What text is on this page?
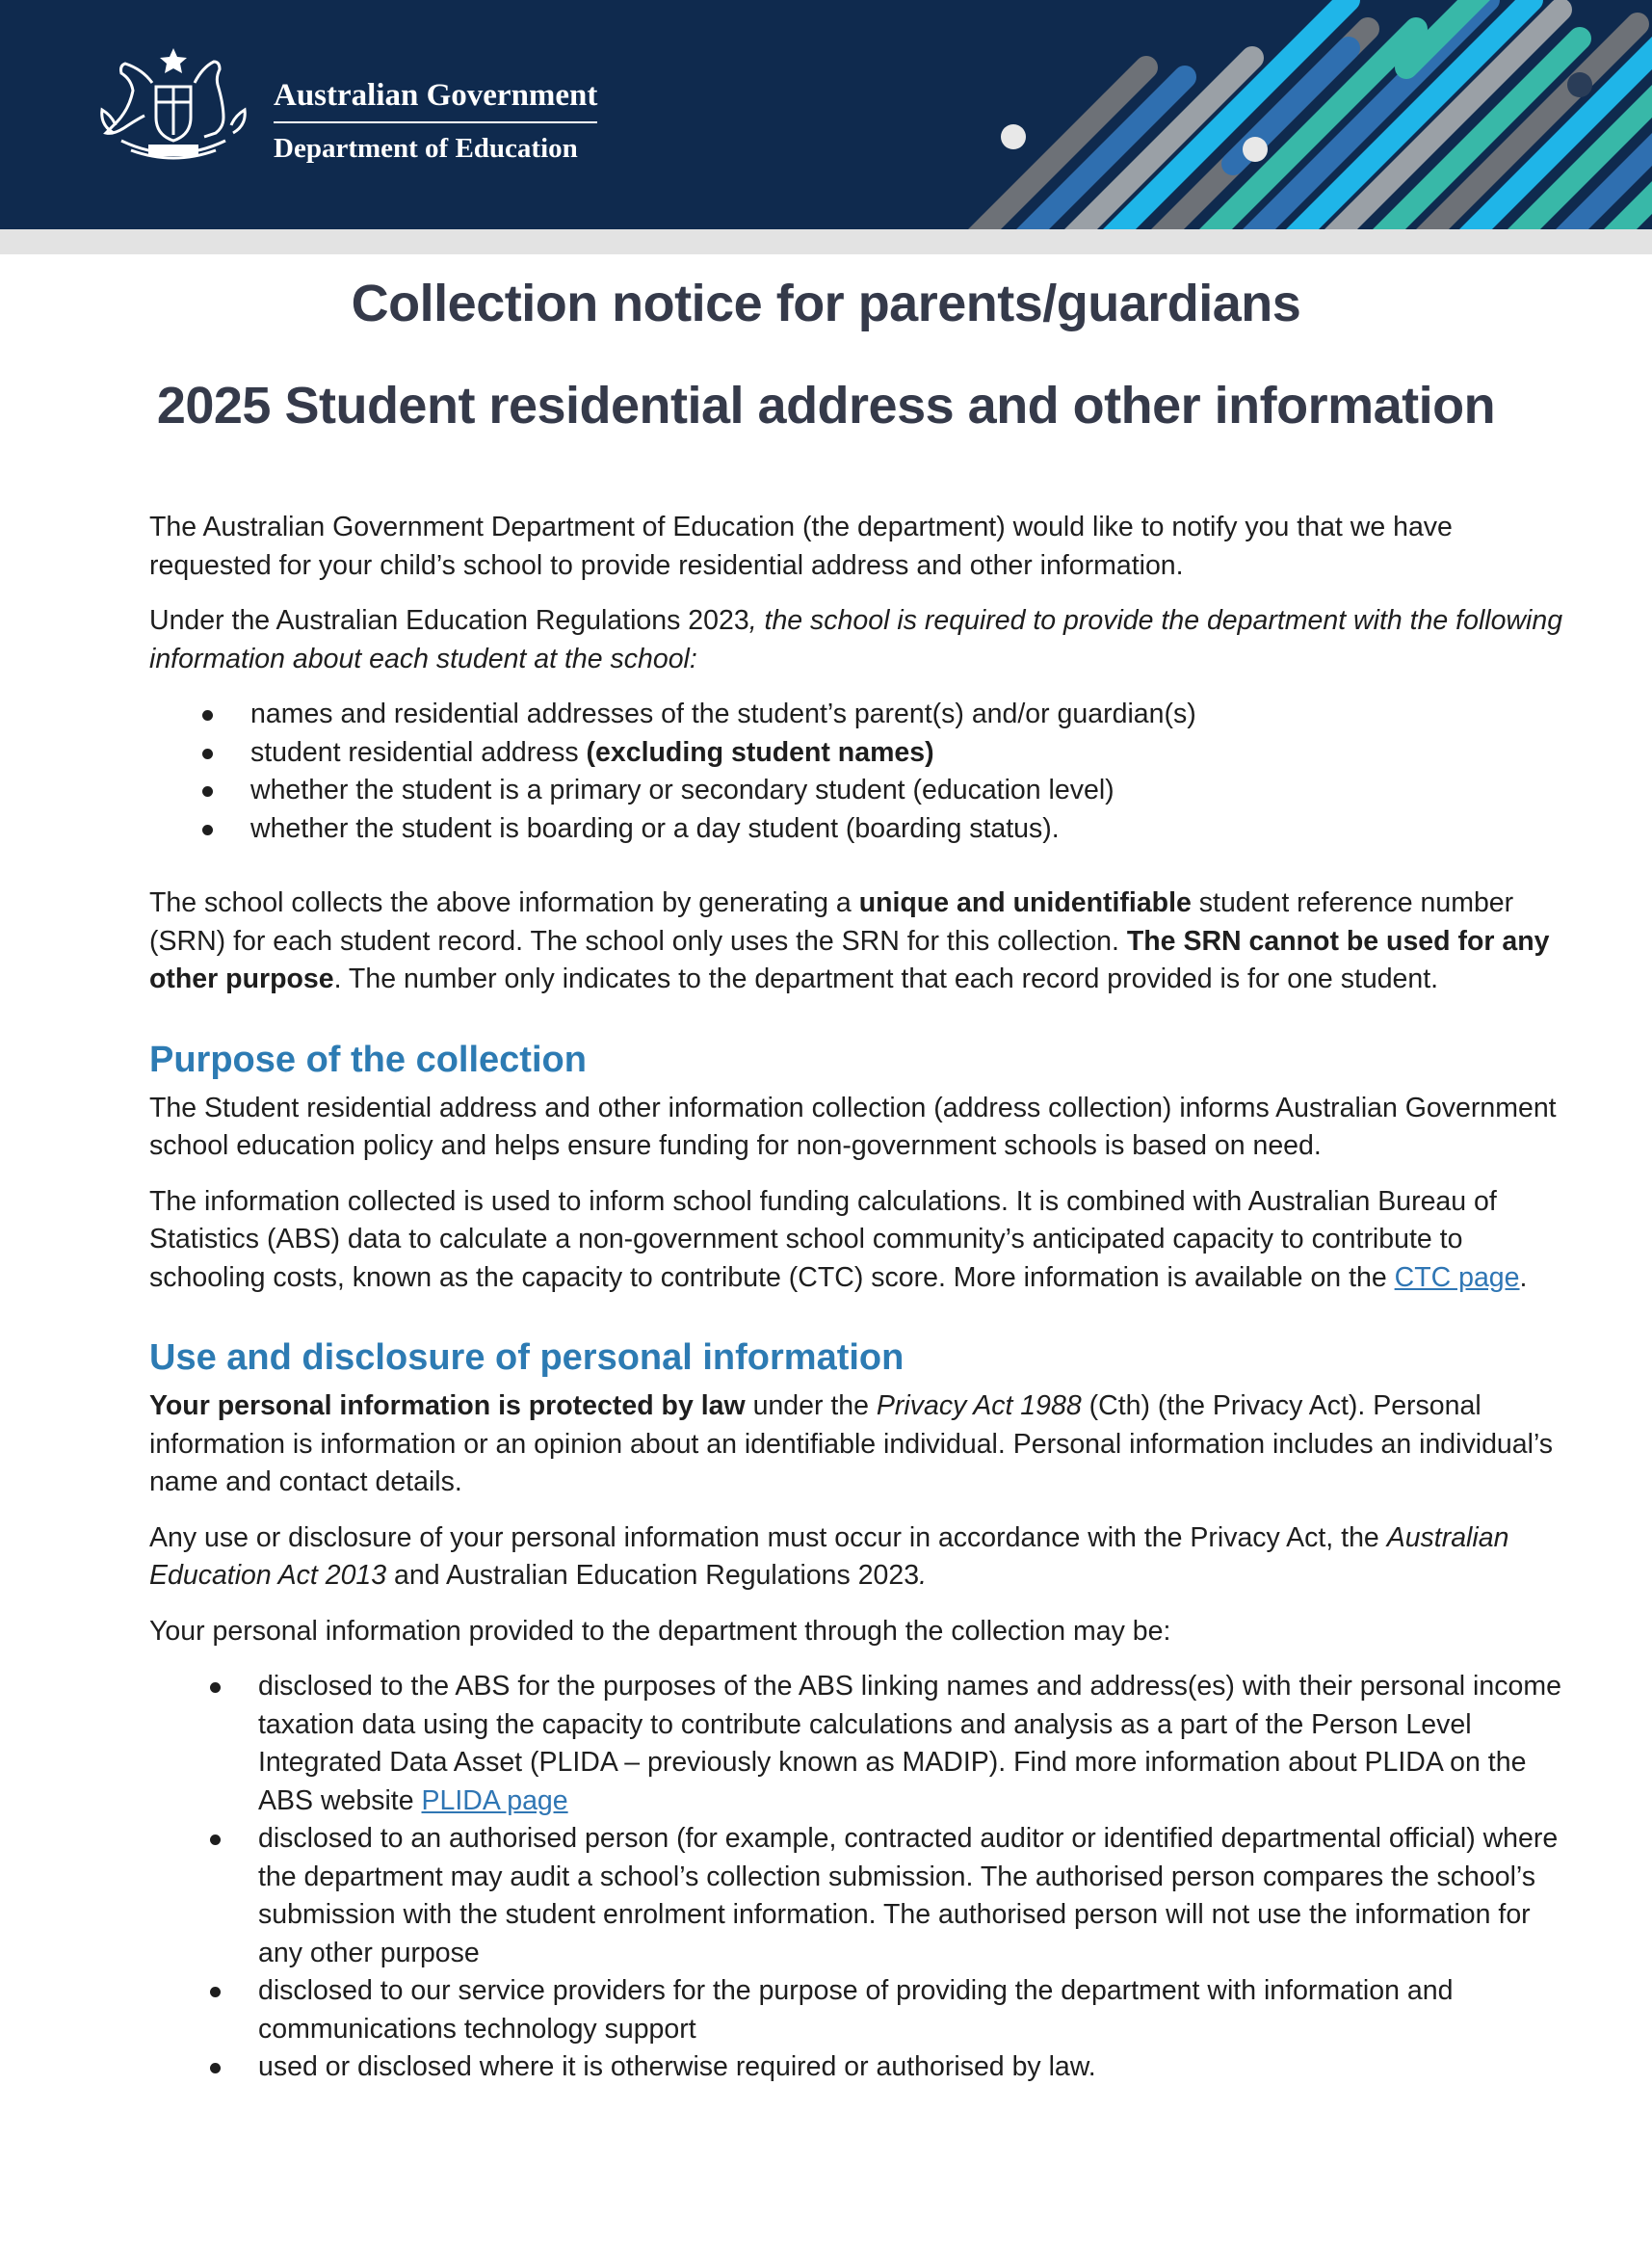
Australian Government
Department of Education
Collection notice for parents/guardians
2025 Student residential address and other information

The Australian Government Department of Education (the department) would like to notify you that we have requested for your child’s school to provide residential address and other information.

Under the Australian Education Regulations 2023, the school is required to provide the department with the following information about each student at the school:

names and residential addresses of the student’s parent(s) and/or guardian(s)
student residential address (excluding student names)
whether the student is a primary or secondary student (education level)
whether the student is boarding or a day student (boarding status).

The school collects the above information by generating a unique and unidentifiable student reference number (SRN) for each student record. The school only uses the SRN for this collection. The SRN cannot be used for any other purpose. The number only indicates to the department that each record provided is for one student.

Purpose of the collection

The Student residential address and other information collection (address collection) informs Australian Government school education policy and helps ensure funding for non-government schools is based on need.

The information collected is used to inform school funding calculations. It is combined with Australian Bureau of Statistics (ABS) data to calculate a non-government school community’s anticipated capacity to contribute to schooling costs, known as the capacity to contribute (CTC) score. More information is available on the CTC page.

Use and disclosure of personal information

Your personal information is protected by law under the Privacy Act 1988 (Cth) (the Privacy Act). Personal information is information or an opinion about an identifiable individual. Personal information includes an individual’s name and contact details.

Any use or disclosure of your personal information must occur in accordance with the Privacy Act, the Australian Education Act 2013 and Australian Education Regulations 2023.

Your personal information provided to the department through the collection may be:

disclosed to the ABS for the purposes of the ABS linking names and address(es) with their personal income taxation data using the capacity to contribute calculations and analysis as a part of the Person Level Integrated Data Asset (PLIDA – previously known as MADIP). Find more information about PLIDA on the ABS website PLIDA page
disclosed to an authorised person (for example, contracted auditor or identified departmental official) where the department may audit a school’s collection submission. The authorised person compares the school’s submission with the student enrolment information. The authorised person will not use the information for any other purpose
disclosed to our service providers for the purpose of providing the department with information and communications technology support
used or disclosed where it is otherwise required or authorised by law.
